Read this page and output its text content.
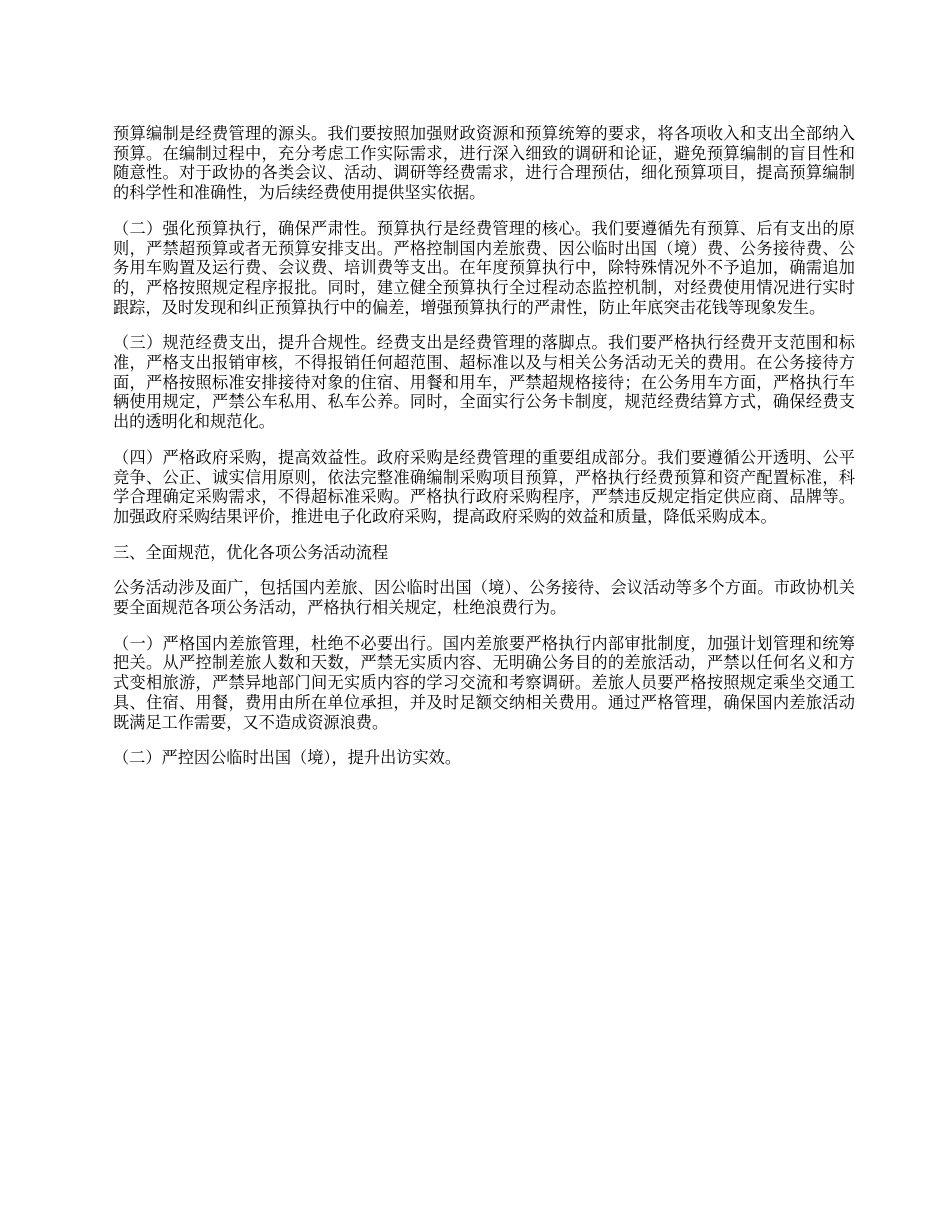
预算编制是经费管理的源头。我们要按照加强财政资源和预算统筹的要求，将各项收入和支出全部纳入预算。在编制过程中，充分考虑工作实际需求，进行深入细致的调研和论证，避免预算编制的盲目性和随意性。对于政协的各类会议、活动、调研等经费需求，进行合理预估，细化预算项目，提高预算编制的科学性和准确性，为后续经费使用提供坚实依据。

（二）强化预算执行，确保严肃性。预算执行是经费管理的核心。我们要遵循先有预算、后有支出的原则，严禁超预算或者无预算安排支出。严格控制国内差旅费、因公临时出国（境）费、公务接待费、公务用车购置及运行费、会议费、培训费等支出。在年度预算执行中，除特殊情况外不予追加，确需追加的，严格按照规定程序报批。同时，建立健全预算执行全过程动态监控机制，对经费使用情况进行实时跟踪，及时发现和纠正预算执行中的偏差，增强预算执行的严肃性，防止年底突击花钱等现象发生。

（三）规范经费支出，提升合规性。经费支出是经费管理的落脚点。我们要严格执行经费开支范围和标准，严格支出报销审核，不得报销任何超范围、超标准以及与相关公务活动无关的费用。在公务接待方面，严格按照标准安排接待对象的住宿、用餐和用车，严禁超规格接待；在公务用车方面，严格执行车辆使用规定，严禁公车私用、私车公养。同时，全面实行公务卡制度，规范经费结算方式，确保经费支出的透明化和规范化。

（四）严格政府采购，提高效益性。政府采购是经费管理的重要组成部分。我们要遵循公开透明、公平竞争、公正、诚实信用原则，依法完整准确编制采购项目预算，严格执行经费预算和资产配置标准，科学合理确定采购需求，不得超标准采购。严格执行政府采购程序，严禁违反规定指定供应商、品牌等。加强政府采购结果评价，推进电子化政府采购，提高政府采购的效益和质量，降低采购成本。

三、全面规范，优化各项公务活动流程

公务活动涉及面广，包括国内差旅、因公临时出国（境）、公务接待、会议活动等多个方面。市政协机关要全面规范各项公务活动，严格执行相关规定，杜绝浪费行为。

（一）严格国内差旅管理，杜绝不必要出行。国内差旅要严格执行内部审批制度，加强计划管理和统筹把关。从严控制差旅人数和天数，严禁无实质内容、无明确公务目的的差旅活动，严禁以任何名义和方式变相旅游，严禁异地部门间无实质内容的学习交流和考察调研。差旅人员要严格按照规定乘坐交通工具、住宿、用餐，费用由所在单位承担，并及时足额交纳相关费用。通过严格管理，确保国内差旅活动既满足工作需要，又不造成资源浪费。

（二）严控因公临时出国（境），提升出访实效。
